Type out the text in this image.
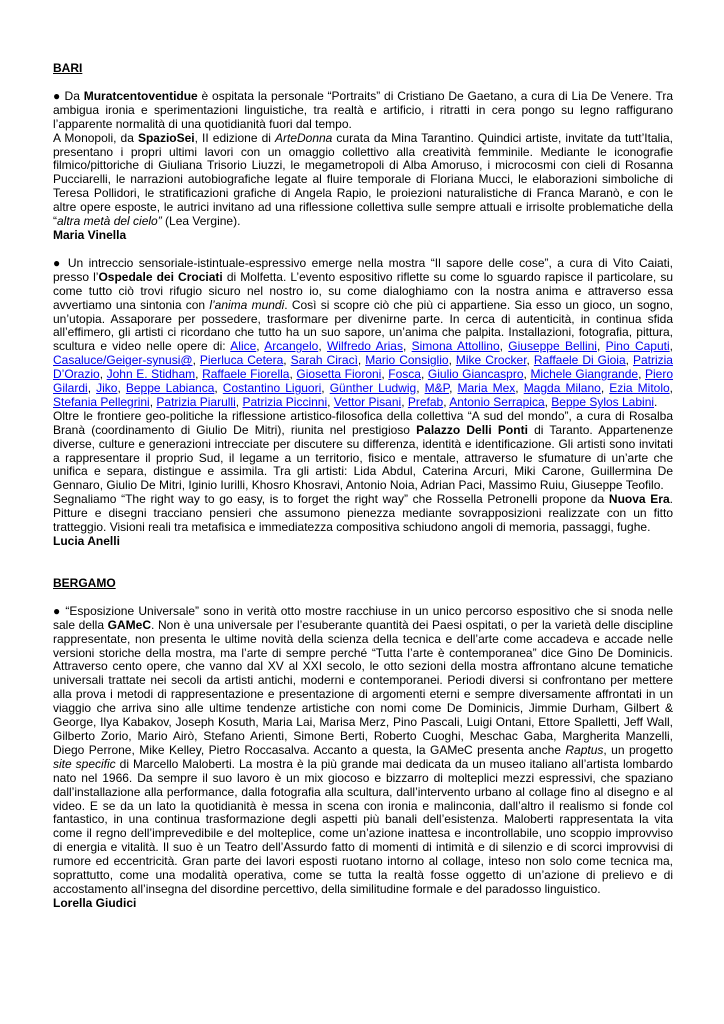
BARI

● Da Muratcentoventidue è ospitata la personale “Portraits” di Cristiano De Gaetano, a cura di Lia De Venere. Tra ambigua ironia e sperimentazioni linguistiche, tra realtà e artificio, i ritratti in cera pongo su legno raffigurano l’apparente normalità di una quotidianità fuori dal tempo.

A Monopoli, da SpazioSei, II edizione di ArteDonna curata da Mina Tarantino. Quindici artiste, invitate da tutt’Italia, presentano i propri ultimi lavori con un omaggio collettivo alla creatività femminile. Mediante le iconografie filmico/pittoriche di Giuliana Trisorio Liuzzi, le megametropoli di Alba Amoruso, i microcosmi con cieli di Rosanna Pucciarelli, le narrazioni autobiografiche legate al fluire temporale di Floriana Mucci, le elaborazioni simboliche di Teresa Pollidori, le stratificazioni grafiche di Angela Rapio, le proiezioni naturalistiche di Franca Maranò, e con le altre opere esposte, le autrici invitano ad una riflessione collettiva sulle sempre attuali e irrisolte problematiche della “altra metà del cielo” (Lea Vergine).

Maria Vinella

● Un intreccio sensoriale-istintuale-espressivo emerge nella mostra “Il sapore delle cose”, a cura di Vito Caiati, presso l’Ospedale dei Crociati di Molfetta. L’evento espositivo riflette su come lo sguardo rapisce il particolare, su come tutto ciò trovi rifugio sicuro nel nostro io, su come dialoghiamo con la nostra anima e attraverso essa avvertiamo una sintonia con l’anima mundi. Così si scopre ciò che più ci appartiene. Sia esso un gioco, un sogno, un’utopia. Assaporare per possedere, trasformare per divenirne parte. In cerca di autenticità, in continua sfida all’effimero, gli artisti ci ricordano che tutto ha un suo sapore, un’anima che palpita. Installazioni, fotografia, pittura, scultura e video nelle opere di: Alice, Arcangelo, Wilfredo Arias, Simona Attollino, Giuseppe Bellini, Pino Caputi, Casaluce/Geiger-synusi@, Pierluca Cetera, Sarah Ciracì, Mario Consiglio, Mike Crocker, Raffaele Di Gioia, Patrizia D’Orazio, John E. Stidham, Raffaele Fiorella, Giosetta Fioroni, Fosca, Giulio Giancaspro, Michele Giangrande, Piero Gilardi, Jiko, Beppe Labianca, Costantino Liguori, Günther Ludwig, M&P, Maria Mex, Magda Milano, Ezia Mitolo, Stefania Pellegrini, Patrizia Piarulli, Patrizia Piccinni, Vettor Pisani, Prefab, Antonio Serrapica, Beppe Sylos Labini.

Oltre le frontiere geo-politiche la riflessione artistico-filosofica della collettiva “A sud del mondo”, a cura di Rosalba Branà (coordinamento di Giulio De Mitri), riunita nel prestigioso Palazzo Delli Ponti di Taranto. Appartenenze diverse, culture e generazioni intrecciate per discutere su differenza, identità e identificazione. Gli artisti sono invitati a rappresentare il proprio Sud, il legame a un territorio, fisico e mentale, attraverso le sfumature di un’arte che unifica e separa, distingue e assimila. Tra gli artisti: Lida Abdul, Caterina Arcuri, Miki Carone, Guillermina De Gennaro, Giulio De Mitri, Iginio Iurilli, Khosro Khosravi, Antonio Noia, Adrian Paci, Massimo Ruiu, Giuseppe Teofilo.

Segnaliamo “The right way to go easy, is to forget the right way” che Rossella Petronelli propone da Nuova Era. Pitture e disegni tracciano pensieri che assumono pienezza mediante sovrapposizioni realizzate con un fitto tratteggio. Visioni reali tra metafisica e immediatezza compositiva schiudono angoli di memoria, passaggi, fughe.

Lucia Anelli
BERGAMO

● “Esposizione Universale” sono in verità otto mostre racchiuse in un unico percorso espositivo che si snoda nelle sale della GAMeC. Non è una universale per l’esuberante quantità dei Paesi ospitati, o per la varietà delle discipline rappresentate, non presenta le ultime novità della scienza della tecnica e dell’arte come accadeva e accade nelle versioni storiche della mostra, ma l’arte di sempre perché “Tutta l’arte è contemporanea” dice Gino De Dominicis. Attraverso cento opere, che vanno dal XV al XXI secolo, le otto sezioni della mostra affrontano alcune tematiche universali trattate nei secoli da artisti antichi, moderni e contemporanei. Periodi diversi si confrontano per mettere alla prova i metodi di rappresentazione e presentazione di argomenti eterni e sempre diversamente affrontati in un viaggio che arriva sino alle ultime tendenze artistiche con nomi come De Dominicis, Jimmie Durham, Gilbert & George, Ilya Kabakov, Joseph Kosuth, Maria Lai, Marisa Merz, Pino Pascali, Luigi Ontani, Ettore Spalletti, Jeff Wall, Gilberto Zorio, Mario Airò, Stefano Arienti, Simone Berti, Roberto Cuoghi, Meschac Gaba, Margherita Manzelli, Diego Perrone, Mike Kelley, Pietro Roccasalva. Accanto a questa, la GAMeC presenta anche Raptus, un progetto site specific di Marcello Maloberti. La mostra è la più grande mai dedicata da un museo italiano all’artista lombardo nato nel 1966. Da sempre il suo lavoro è un mix giocoso e bizzarro di molteplici mezzi espressivi, che spaziano dall’installazione alla performance, dalla fotografia alla scultura, dall’intervento urbano al collage fino al disegno e al video. E se da un lato la quotidianità è messa in scena con ironia e malinconia, dall’altro il realismo si fonde col fantastico, in una continua trasformazione degli aspetti più banali dell’esistenza. Maloberti rappresentata la vita come il regno dell’imprevedibile e del molteplice, come un’azione inattesa e incontrollabile, uno scoppio improvviso di energia e vitalità. Il suo è un Teatro dell’Assurdo fatto di momenti di intimità e di silenzio e di scorci improvvisi di rumore ed eccentricità. Gran parte dei lavori esposti ruotano intorno al collage, inteso non solo come tecnica ma, soprattutto, come una modalità operativa, come se tutta la realtà fosse oggetto di un’azione di prelievo e di accostamento all’insegna del disordine percettivo, della similitudine formale e del paradosso linguistico.

Lorella Giudici
